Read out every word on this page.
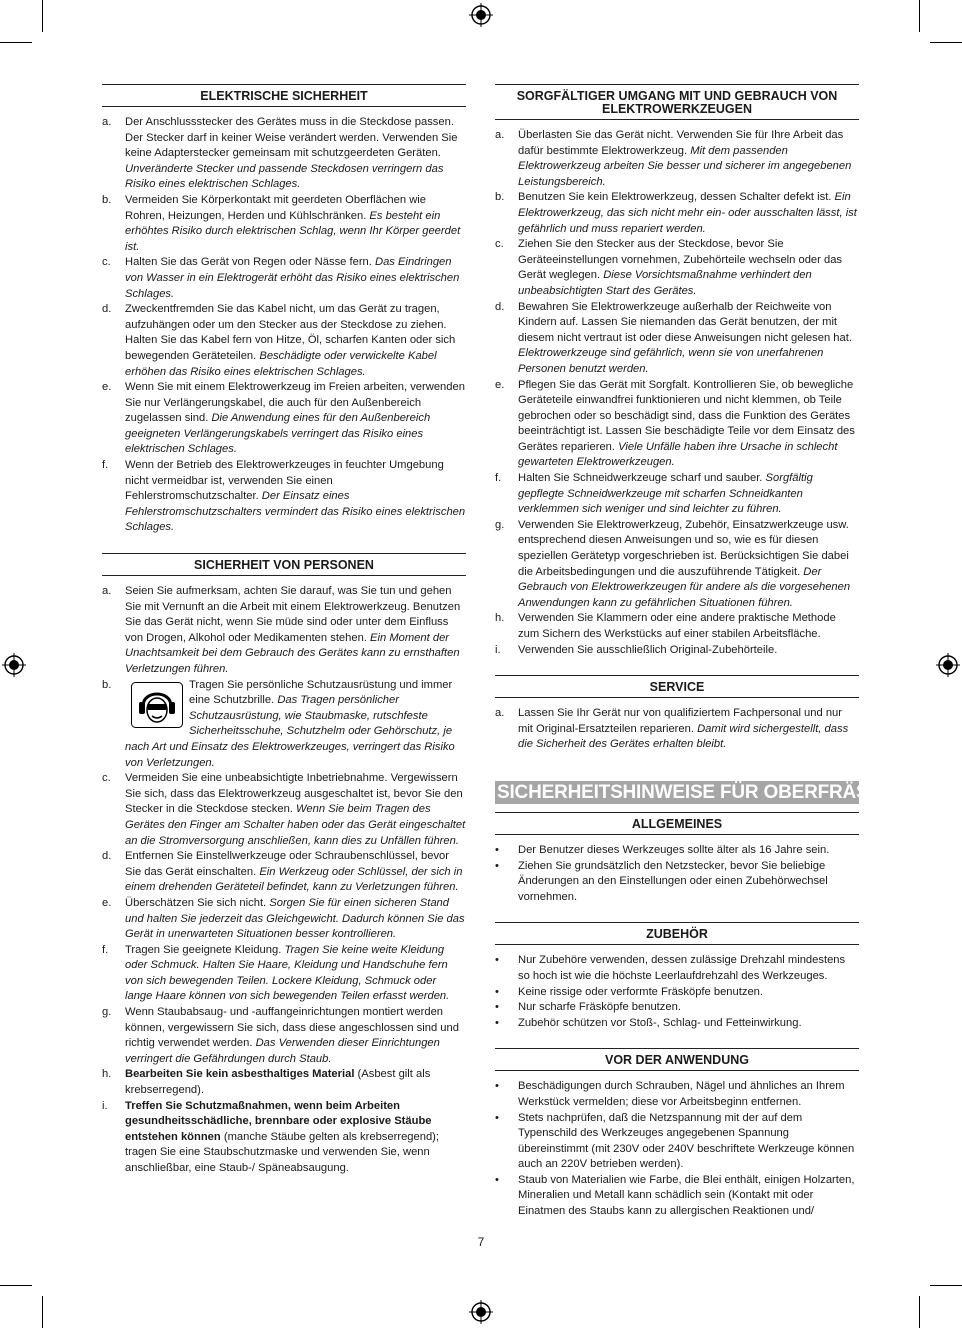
ELEKTRISCHE SICHERHEIT
a.	Der Anschlussstecker des Gerätes muss in die Steckdose passen. Der Stecker darf in keiner Weise verändert werden. Verwenden Sie keine Adapterstecker gemeinsam mit schutzgeerdeten Geräten. Unveränderte Stecker und passende Steckdosen verringern das Risiko eines elektrischen Schlages.
b.	Vermeiden Sie Körperkontakt mit geerdeten Oberflächen wie Rohren, Heizungen, Herden und Kühlschränken. Es besteht ein erhöhtes Risiko durch elektrischen Schlag, wenn Ihr Körper geerdet ist.
c.	Halten Sie das Gerät von Regen oder Nässe fern. Das Eindringen von Wasser in ein Elektrogerät erhöht das Risiko eines elektrischen Schlages.
d.	Zweckentfremden Sie das Kabel nicht, um das Gerät zu tragen, aufzuhängen oder um den Stecker aus der Steckdose zu ziehen. Halten Sie das Kabel fern von Hitze, Öl, scharfen Kanten oder sich bewegenden Geräteteilen. Beschädigte oder verwickelte Kabel erhöhen das Risiko eines elektrischen Schlages.
e.	Wenn Sie mit einem Elektrowerkzeug im Freien arbeiten, verwenden Sie nur Verlängerungskabel, die auch für den Außenbereich zugelassen sind. Die Anwendung eines für den Außenbereich geeigneten Verlängerungskabels verringert das Risiko eines elektrischen Schlages.
f.	Wenn der Betrieb des Elektrowerkzeuges in feuchter Umgebung nicht vermeidbar ist, verwenden Sie einen Fehlerstromschutzschalter. Der Einsatz eines Fehlerstromschutzschalters vermindert das Risiko eines elektrischen Schlages.
SICHERHEIT VON PERSONEN
a.	Seien Sie aufmerksam, achten Sie darauf, was Sie tun und gehen Sie mit Vernunft an die Arbeit mit einem Elektrowerkzeug. Benutzen Sie das Gerät nicht, wenn Sie müde sind oder unter dem Einfluss von Drogen, Alkohol oder Medikamenten stehen. Ein Moment der Unachtsamkeit bei dem Gebrauch des Gerätes kann zu ernsthaften Verletzungen führen.
b.	Tragen Sie persönliche Schutzausrüstung und immer eine Schutzbrille. Das Tragen persönlicher Schutzausrüstung, wie Staubmaske, rutschfeste Sicherheitsschuhe, Schutzhelm oder Gehörschutz, je nach Art und Einsatz des Elektrowerkzeuges, verringert das Risiko von Verletzungen.
c.	Vermeiden Sie eine unbeabsichtigte Inbetriebnahme. Vergewissern Sie sich, dass das Elektrowerkzeug ausgeschaltet ist, bevor Sie den Stecker in die Steckdose stecken. Wenn Sie beim Tragen des Gerätes den Finger am Schalter haben oder das Gerät eingeschaltet an die Stromversorgung anschließen, kann dies zu Unfällen führen.
d.	Entfernen Sie Einstellwerkzeuge oder Schraubenschlüssel, bevor Sie das Gerät einschalten. Ein Werkzeug oder Schlüssel, der sich in einem drehenden Geräteteil befindet, kann zu Verletzungen führen.
e.	Überschätzen Sie sich nicht. Sorgen Sie für einen sicheren Stand und halten Sie jederzeit das Gleichgewicht. Dadurch können Sie das Gerät in unerwarteten Situationen besser kontrollieren.
f.	Tragen Sie geeignete Kleidung. Tragen Sie keine weite Kleidung oder Schmuck. Halten Sie Haare, Kleidung und Handschuhe fern von sich bewegenden Teilen. Lockere Kleidung, Schmuck oder lange Haare können von sich bewegenden Teilen erfasst werden.
g.	Wenn Staubabsaug- und -auffangeinrichtungen montiert werden können, vergewissern Sie sich, dass diese angeschlossen sind und richtig verwendet werden. Das Verwenden dieser Einrichtungen verringert die Gefährdungen durch Staub.
h.	Bearbeiten Sie kein asbesthaltiges Material (Asbest gilt als krebserregend).
i.	Treffen Sie Schutzmaßnahmen, wenn beim Arbeiten gesundheitsschädliche, brennbare oder explosive Stäube entstehen können (manche Stäube gelten als krebserregend); tragen Sie eine Staubschutzmaske und verwenden Sie, wenn anschließbar, eine Staub-/ Späneabsaugung.
SORGFÄLTIGER UMGANG MIT UND GEBRAUCH VON ELEKTROWERKZEUGEN
a.	Überlasten Sie das Gerät nicht. Verwenden Sie für Ihre Arbeit das dafür bestimmte Elektrowerkzeug. Mit dem passenden Elektrowerkzeug arbeiten Sie besser und sicherer im angegebenen Leistungsbereich.
b.	Benutzen Sie kein Elektrowerkzeug, dessen Schalter defekt ist. Ein Elektrowerkzeug, das sich nicht mehr ein- oder ausschalten lässt, ist gefährlich und muss repariert werden.
c.	Ziehen Sie den Stecker aus der Steckdose, bevor Sie Geräteeinstellungen vornehmen, Zubehörteile wechseln oder das Gerät weglegen. Diese Vorsichtsmaßnahme verhindert den unbeabsichtigten Start des Gerätes.
d.	Bewahren Sie Elektrowerkzeuge außerhalb der Reichweite von Kindern auf. Lassen Sie niemanden das Gerät benutzen, der mit diesem nicht vertraut ist oder diese Anweisungen nicht gelesen hat. Elektrowerkzeuge sind gefährlich, wenn sie von unerfahrenen Personen benutzt werden.
e.	Pflegen Sie das Gerät mit Sorgfalt. Kontrollieren Sie, ob bewegliche Geräteteile einwandfrei funktionieren und nicht klemmen, ob Teile gebrochen oder so beschädigt sind, dass die Funktion des Gerätes beeinträchtigt ist. Lassen Sie beschädigte Teile vor dem Einsatz des Gerätes reparieren. Viele Unfälle haben ihre Ursache in schlecht gewarteten Elektrowerkzeugen.
f.	Halten Sie Schneidwerkzeuge scharf und sauber. Sorgfältig gepflegte Schneidwerkzeuge mit scharfen Schneidkanten verklemmen sich weniger und sind leichter zu führen.
g.	Verwenden Sie Elektrowerkzeug, Zubehör, Einsatzwerkzeuge usw. entsprechend diesen Anweisungen und so, wie es für diesen speziellen Gerätetyp vorgeschrieben ist. Berücksichtigen Sie dabei die Arbeitsbedingungen und die auszuführende Tätigkeit. Der Gebrauch von Elektrowerkzeugen für andere als die vorgesehenen Anwendungen kann zu gefährlichen Situationen führen.
h.	Verwenden Sie Klammern oder eine andere praktische Methode zum Sichern des Werkstücks auf einer stabilen Arbeitsfläche.
i.	Verwenden Sie ausschließlich Original-Zubehörteile.
SERVICE
a.	Lassen Sie Ihr Gerät nur von qualifiziertem Fachpersonal und nur mit Original-Ersatzteilen reparieren. Damit wird sichergestellt, dass die Sicherheit des Gerätes erhalten bleibt.
SICHERHEITSHINWEISE FÜR OBERFRÄSEN
ALLGEMEINES
•	Der Benutzer dieses Werkzeuges sollte älter als 16 Jahre sein.
•	Ziehen Sie grundsätzlich den Netzstecker, bevor Sie beliebige Änderungen an den Einstellungen oder einen Zubehörwechsel vornehmen.
ZUBEHÖR
•	Nur Zubehöre verwenden, dessen zulässige Drehzahl mindestens so hoch ist wie die höchste Leerlaufdrehzahl des Werkzeuges.
•	Keine rissige oder verformte Fräsköpfe benutzen.
•	Nur scharfe Fräsköpfe benutzen.
•	Zubehör schützen vor Stoß-, Schlag- und Fetteinwirkung.
VOR DER ANWENDUNG
•	Beschädigungen durch Schrauben, Nägel und ähnliches an Ihrem Werkstück vermelden; diese vor Arbeitsbeginn entfernen.
•	Stets nachprüfen, daß die Netzspannung mit der auf dem Typenschild des Werkzeuges angegebenen Spannung übereinstimmt (mit 230V oder 240V beschriftete Werkzeuge können auch an 220V betrieben werden).
•	Staub von Materialien wie Farbe, die Blei enthält, einigen Holzarten, Mineralien und Metall kann schädlich sein (Kontakt mit oder Einatmen des Staubs kann zu allergischen Reaktionen und/
7
